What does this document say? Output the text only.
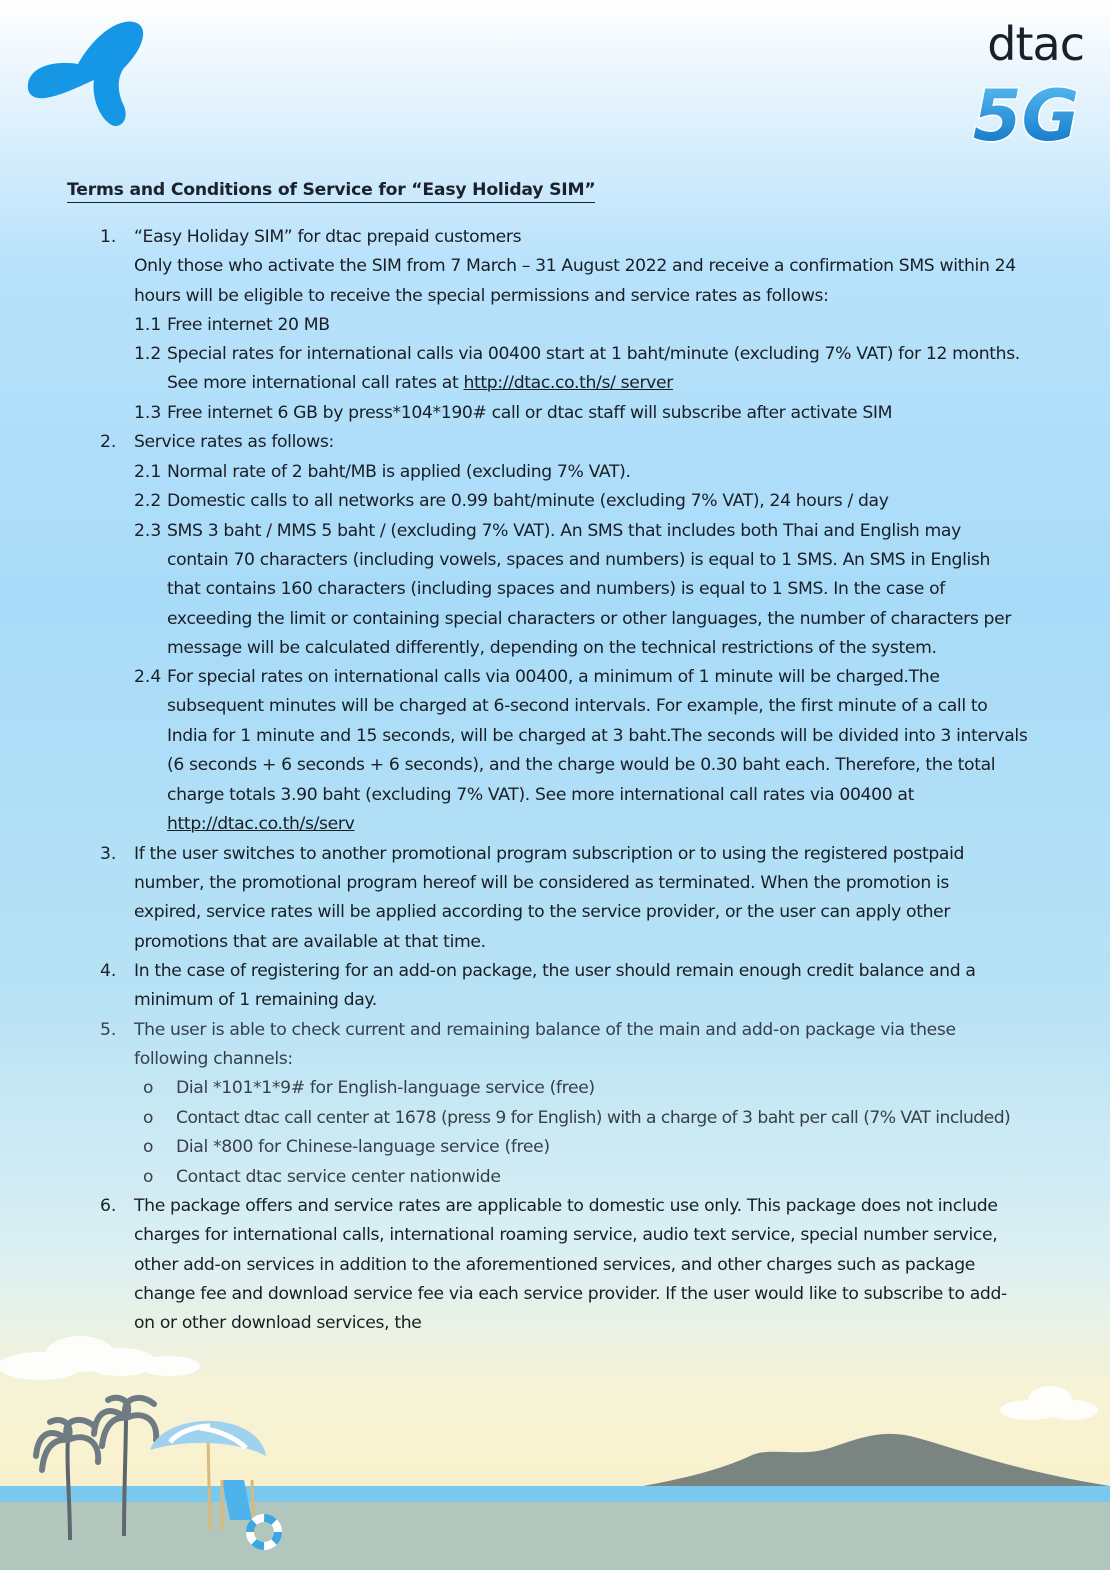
dtac
5G
Terms and Conditions of Service for “Easy Holiday SIM”
1. “Easy Holiday SIM” for dtac prepaid customers
Only those who activate the SIM from 7 March – 31 August 2022 and receive a confirmation SMS within 24
hours will be eligible to receive the special permissions and service rates as follows:
1.1 Free internet 20 MB
1.2 Special rates for international calls via 00400 start at 1 baht/minute (excluding 7% VAT) for 12 months.
See more international call rates at http://dtac.co.th/s/ server
1.3 Free internet 6 GB by press*104*190# call or dtac staff will subscribe after activate SIM
2. Service rates as follows:
2.1 Normal rate of 2 baht/MB is applied (excluding 7% VAT).
2.2 Domestic calls to all networks are 0.99 baht/minute (excluding 7% VAT), 24 hours / day
2.3 SMS 3 baht / MMS 5 baht / (excluding 7% VAT). An SMS that includes both Thai and English may
contain 70 characters (including vowels, spaces and numbers) is equal to 1 SMS. An SMS in English
that contains 160 characters (including spaces and numbers) is equal to 1 SMS. In the case of
exceeding the limit or containing special characters or other languages, the number of characters per
message will be calculated differently, depending on the technical restrictions of the system.
2.4 For special rates on international calls via 00400, a minimum of 1 minute will be charged.The
subsequent minutes will be charged at 6-second intervals. For example, the first minute of a call to
India for 1 minute and 15 seconds, will be charged at 3 baht.The seconds will be divided into 3 intervals
(6 seconds + 6 seconds + 6 seconds), and the charge would be 0.30 baht each. Therefore, the total
charge totals 3.90 baht (excluding 7% VAT). See more international call rates via 00400 at
http://dtac.co.th/s/serv
3. If the user switches to another promotional program subscription or to using the registered postpaid
number, the promotional program hereof will be considered as terminated. When the promotion is
expired, service rates will be applied according to the service provider, or the user can apply other
promotions that are available at that time.
4. In the case of registering for an add-on package, the user should remain enough credit balance and a
minimum of 1 remaining day.
5. The user is able to check current and remaining balance of the main and add-on package via these
following channels:
o Dial *101*1*9# for English-language service (free)
o Contact dtac call center at 1678 (press 9 for English) with a charge of 3 baht per call (7% VAT included)
o Dial *800 for Chinese-language service (free)
o Contact dtac service center nationwide
6. The package offers and service rates are applicable to domestic use only. This package does not include
charges for international calls, international roaming service, audio text service, special number service,
other add-on services in addition to the aforementioned services, and other charges such as package
change fee and download service fee via each service provider. If the user would like to subscribe to add-
on or other download services, the
